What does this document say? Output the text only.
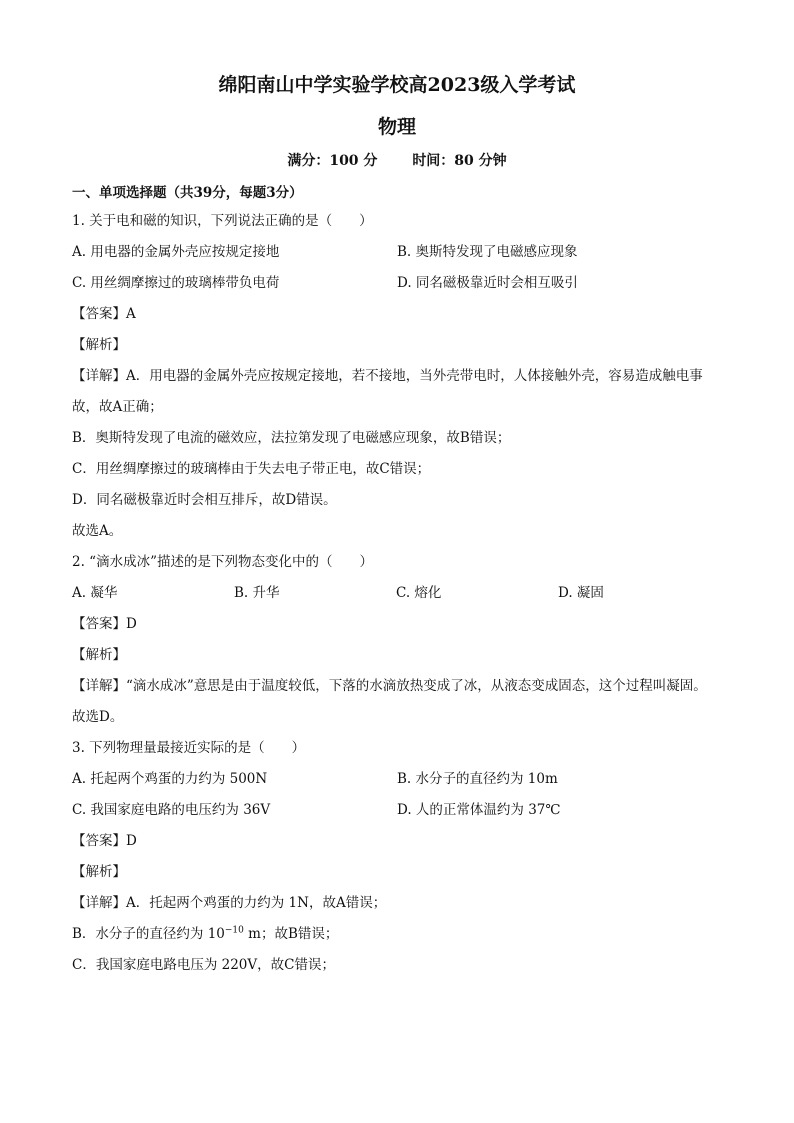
绵阳南山中学实验学校高2023级入学考试
物理
满分：100 分 时间：80 分钟
一、单项选择题（共39分，每题3分）
1. 关于电和磁的知识，下列说法正确的是（　　）
A. 用电器的金属外壳应按规定接地	B. 奥斯特发现了电磁感应现象
C. 用丝绸摩擦过的玻璃棒带负电荷	D. 同名磁极靠近时会相互吸引
【答案】A
【解析】
【详解】A．用电器的金属外壳应按规定接地，若不接地，当外壳带电时，人体接触外壳，容易造成触电事故，故A正确；
B．奥斯特发现了电流的磁效应，法拉第发现了电磁感应现象，故B错误；
C．用丝绸摩擦过的玻璃棒由于失去电子带正电，故C错误；
D．同名磁极靠近时会相互排斥，故D错误。
故选A。
2. “滴水成冰”描述的是下列物态变化中的（　　）
A. 凝华	B. 升华	C. 熔化	D. 凝固
【答案】D
【解析】
【详解】“滴水成冰”意思是由于温度较低，下落的水滴放热变成了冰，从液态变成固态，这个过程叫凝固。
故选D。
3. 下列物理量最接近实际的是（　　）
A. 托起两个鸡蛋的力约为 500N	B. 水分子的直径约为 10m
C. 我国家庭电路的电压约为 36V	D. 人的正常体温约为 37℃
【答案】D
【解析】
【详解】A．托起两个鸡蛋的力约为 1N，故A错误；
B．水分子的直径约为 $10^{-10}$ m；故B错误；
C．我国家庭电路电压为 220V，故C错误；
